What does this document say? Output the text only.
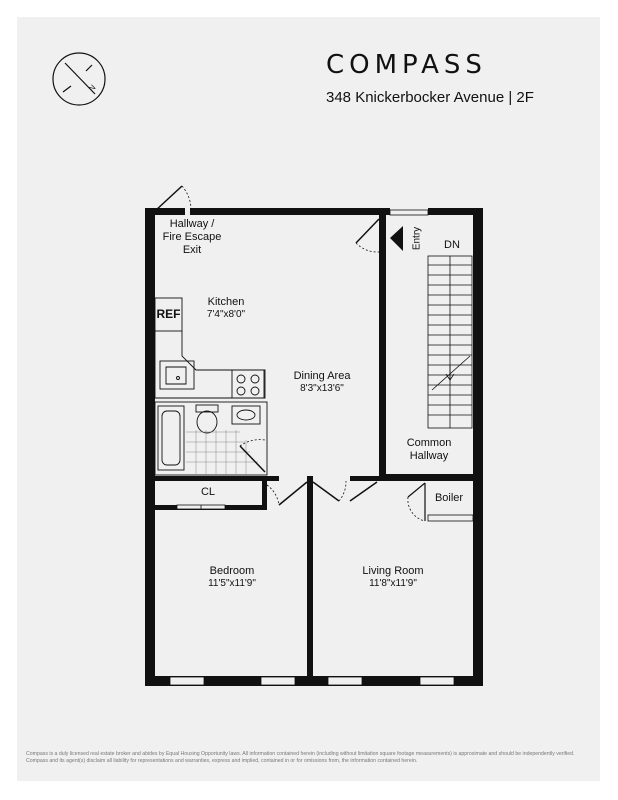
N
COMPASS
348 Knickerbocker Avenue | 2F
Hallway /
Fire Escape
Exit
Kitchen
7'4"x8'0"
REF
Dining Area
8'3"x13'6"
Entry	DN
Common
Hallway
Boiler
CL
Bedroom
11'5"x11'9"
Living Room
11'8"x11'9"
Compass is a duly licensed real estate broker and abides by Equal Housing Opportunity laws. All information contained herein (including without limitation square footage measurements) is approximate and should be independently verified. Compass and its agent(s) disclaim all liability for representations and warranties, express and implied, contained in or for omissions from, the information contained herein.
